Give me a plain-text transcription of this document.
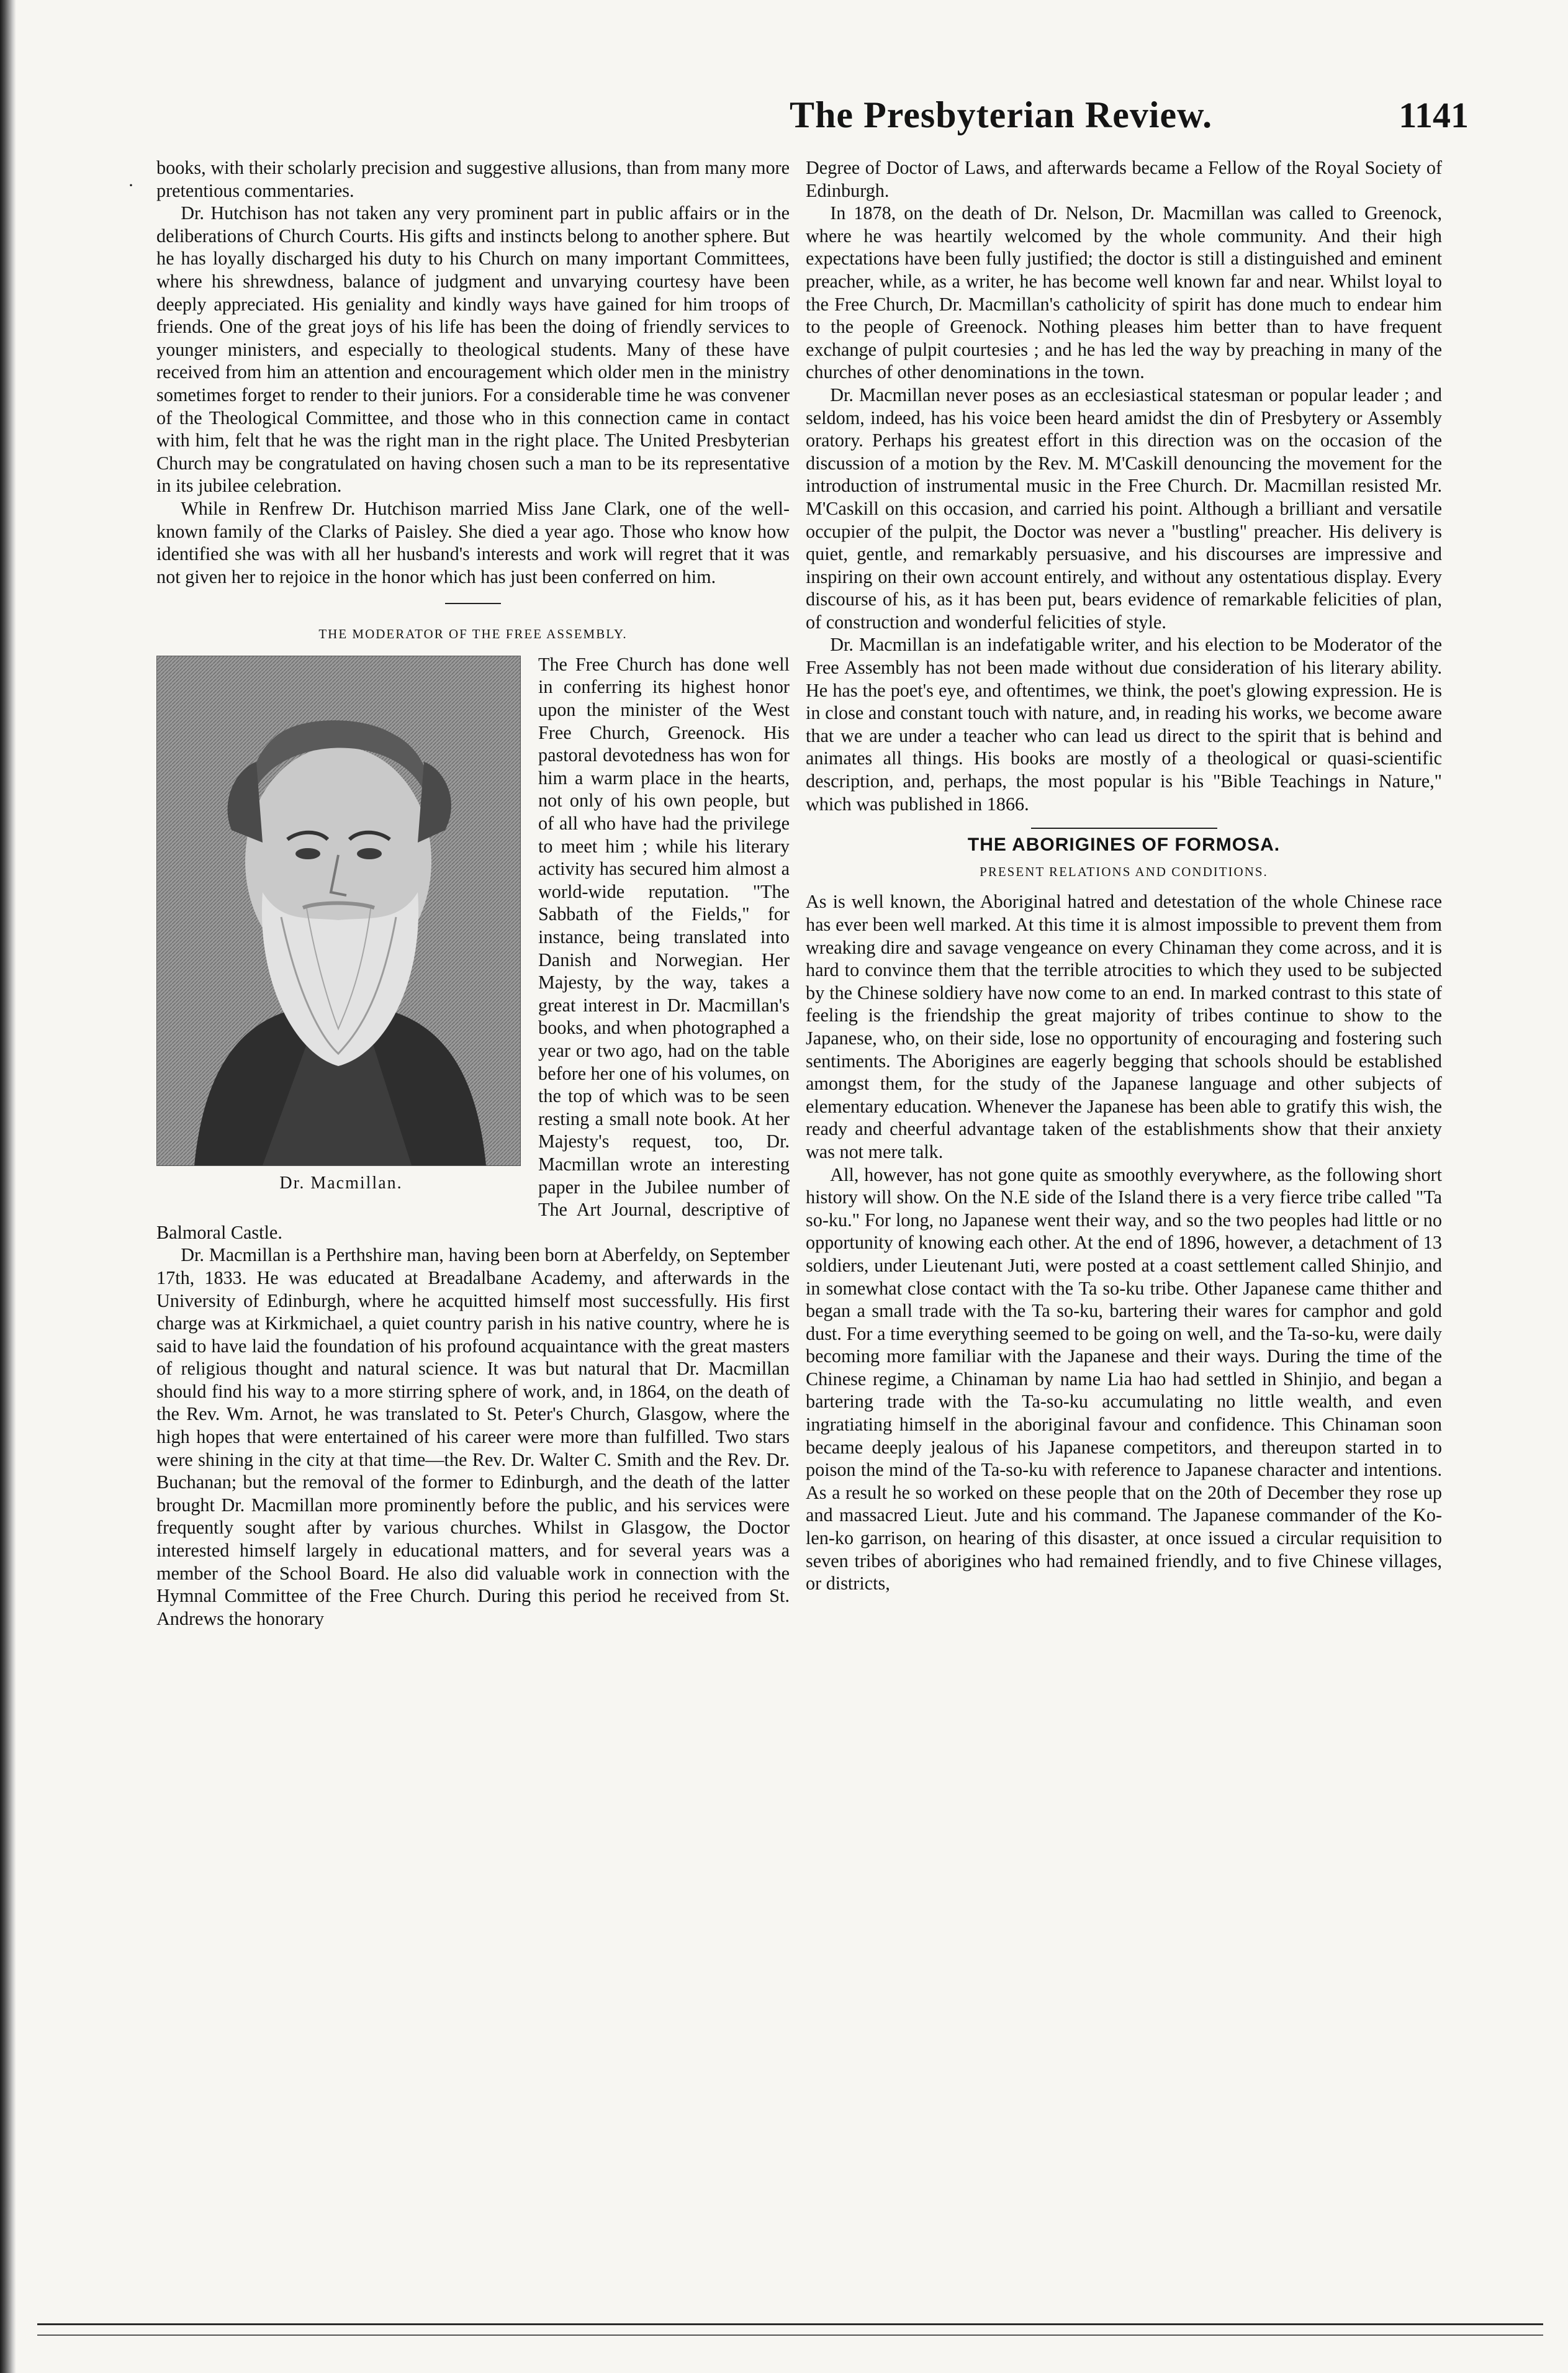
The Presbyterian Review.	1141
·

books, with their scholarly precision and suggestive allusions, than from many more pretentious commentaries.

Dr. Hutchison has not taken any very prominent part in public affairs or in the deliberations of Church Courts. His gifts and instincts belong to another sphere. But he has loyally discharged his duty to his Church on many important Committees, where his shrewdness, balance of judgment and unvarying courtesy have been deeply appreciated. His geniality and kindly ways have gained for him troops of friends. One of the great joys of his life has been the doing of friendly services to younger ministers, and especially to theological students. Many of these have received from him an attention and encouragement which older men in the ministry sometimes forget to render to their juniors. For a considerable time he was convener of the Theological Committee, and those who in this connection came in contact with him, felt that he was the right man in the right place. The United Presbyterian Church may be congratulated on having chosen such a man to be its representative in its jubilee celebration.

While in Renfrew Dr. Hutchison married Miss Jane Clark, one of the well-known family of the Clarks of Paisley. She died a year ago. Those who know how identified she was with all her husband's interests and work will regret that it was not given her to rejoice in the honor which has just been conferred on him.

THE MODERATOR OF THE FREE ASSEMBLY.
Dr. Macmillan.

The Free Church has done well in conferring its highest honor upon the minister of the West Free Church, Greenock. His pastoral devotedness has won for him a warm place in the hearts, not only of his own people, but of all who have had the privilege to meet him ; while his literary activity has secured him almost a world-wide reputation. "The Sabbath of the Fields," for instance, being translated into Danish and Norwegian. Her Majesty, by the way, takes a great interest in Dr. Macmillan's books, and when photographed a year or two ago, had on the table before her one of his volumes, on the top of which was to be seen resting a small note book. At her Majesty's request, too, Dr. Macmillan wrote an interesting paper in the Jubilee number of The Art Journal, descriptive of Balmoral Castle.

Dr. Macmillan is a Perthshire man, having been born at Aberfeldy, on September 17th, 1833. He was educated at Breadalbane Academy, and afterwards in the University of Edinburgh, where he acquitted himself most successfully. His first charge was at Kirkmichael, a quiet country parish in his native country, where he is said to have laid the foundation of his profound acquaintance with the great masters of religious thought and natural science. It was but natural that Dr. Macmillan should find his way to a more stirring sphere of work, and, in 1864, on the death of the Rev. Wm. Arnot, he was translated to St. Peter's Church, Glasgow, where the high hopes that were entertained of his career were more than fulfilled. Two stars were shining in the city at that time—the Rev. Dr. Walter C. Smith and the Rev. Dr. Buchanan; but the removal of the former to Edinburgh, and the death of the latter brought Dr. Macmillan more prominently before the public, and his services were frequently sought after by various churches. Whilst in Glasgow, the Doctor interested himself largely in educational matters, and for several years was a member of the School Board. He also did valuable work in connection with the Hymnal Committee of the Free Church. During this period he received from St. Andrews the honorary

Degree of Doctor of Laws, and afterwards became a Fellow of the Royal Society of Edinburgh.

In 1878, on the death of Dr. Nelson, Dr. Macmillan was called to Greenock, where he was heartily welcomed by the whole community. And their high expectations have been fully justified; the doctor is still a distinguished and eminent preacher, while, as a writer, he has become well known far and near. Whilst loyal to the Free Church, Dr. Macmillan's catholicity of spirit has done much to endear him to the people of Greenock. Nothing pleases him better than to have frequent exchange of pulpit courtesies ; and he has led the way by preaching in many of the churches of other denominations in the town.

Dr. Macmillan never poses as an ecclesiastical statesman or popular leader ; and seldom, indeed, has his voice been heard amidst the din of Presbytery or Assembly oratory. Perhaps his greatest effort in this direction was on the occasion of the discussion of a motion by the Rev. M. M'Caskill denouncing the movement for the introduction of instrumental music in the Free Church. Dr. Macmillan resisted Mr. M'Caskill on this occasion, and carried his point. Although a brilliant and versatile occupier of the pulpit, the Doctor was never a "bustling" preacher. His delivery is quiet, gentle, and remarkably persuasive, and his discourses are impressive and inspiring on their own account entirely, and without any ostentatious display. Every discourse of his, as it has been put, bears evidence of remarkable felicities of plan, of construction and wonderful felicities of style.

Dr. Macmillan is an indefatigable writer, and his election to be Moderator of the Free Assembly has not been made without due consideration of his literary ability. He has the poet's eye, and oftentimes, we think, the poet's glowing expression. He is in close and constant touch with nature, and, in reading his works, we become aware that we are under a teacher who can lead us direct to the spirit that is behind and animates all things. His books are mostly of a theological or quasi-scientific description, and, perhaps, the most popular is his "Bible Teachings in Nature," which was published in 1866.

THE ABORIGINES OF FORMOSA.
PRESENT RELATIONS AND CONDITIONS.

As is well known, the Aboriginal hatred and detestation of the whole Chinese race has ever been well marked. At this time it is almost impossible to prevent them from wreaking dire and savage vengeance on every Chinaman they come across, and it is hard to convince them that the terrible atrocities to which they used to be subjected by the Chinese soldiery have now come to an end. In marked contrast to this state of feeling is the friendship the great majority of tribes continue to show to the Japanese, who, on their side, lose no opportunity of encouraging and fostering such sentiments. The Aborigines are eagerly begging that schools should be established amongst them, for the study of the Japanese language and other subjects of elementary education. Whenever the Japanese has been able to gratify this wish, the ready and cheerful advantage taken of the establishments show that their anxiety was not mere talk.

All, however, has not gone quite as smoothly everywhere, as the following short history will show. On the N.E side of the Island there is a very fierce tribe called "Ta so-ku." For long, no Japanese went their way, and so the two peoples had little or no opportunity of knowing each other. At the end of 1896, however, a detachment of 13 soldiers, under Lieutenant Juti, were posted at a coast settlement called Shinjio, and in somewhat close contact with the Ta so-ku tribe. Other Japanese came thither and began a small trade with the Ta so-ku, bartering their wares for camphor and gold dust. For a time everything seemed to be going on well, and the Ta-so-ku, were daily becoming more familiar with the Japanese and their ways. During the time of the Chinese regime, a Chinaman by name Lia hao had settled in Shinjio, and began a bartering trade with the Ta-so-ku accumulating no little wealth, and even ingratiating himself in the aboriginal favour and confidence. This Chinaman soon became deeply jealous of his Japanese competitors, and thereupon started in to poison the mind of the Ta-so-ku with reference to Japanese character and intentions. As a result he so worked on these people that on the 20th of December they rose up and massacred Lieut. Jute and his command. The Japanese commander of the Ko-len-ko garrison, on hearing of this disaster, at once issued a circular requisition to seven tribes of aborigines who had remained friendly, and to five Chinese villages, or districts,
